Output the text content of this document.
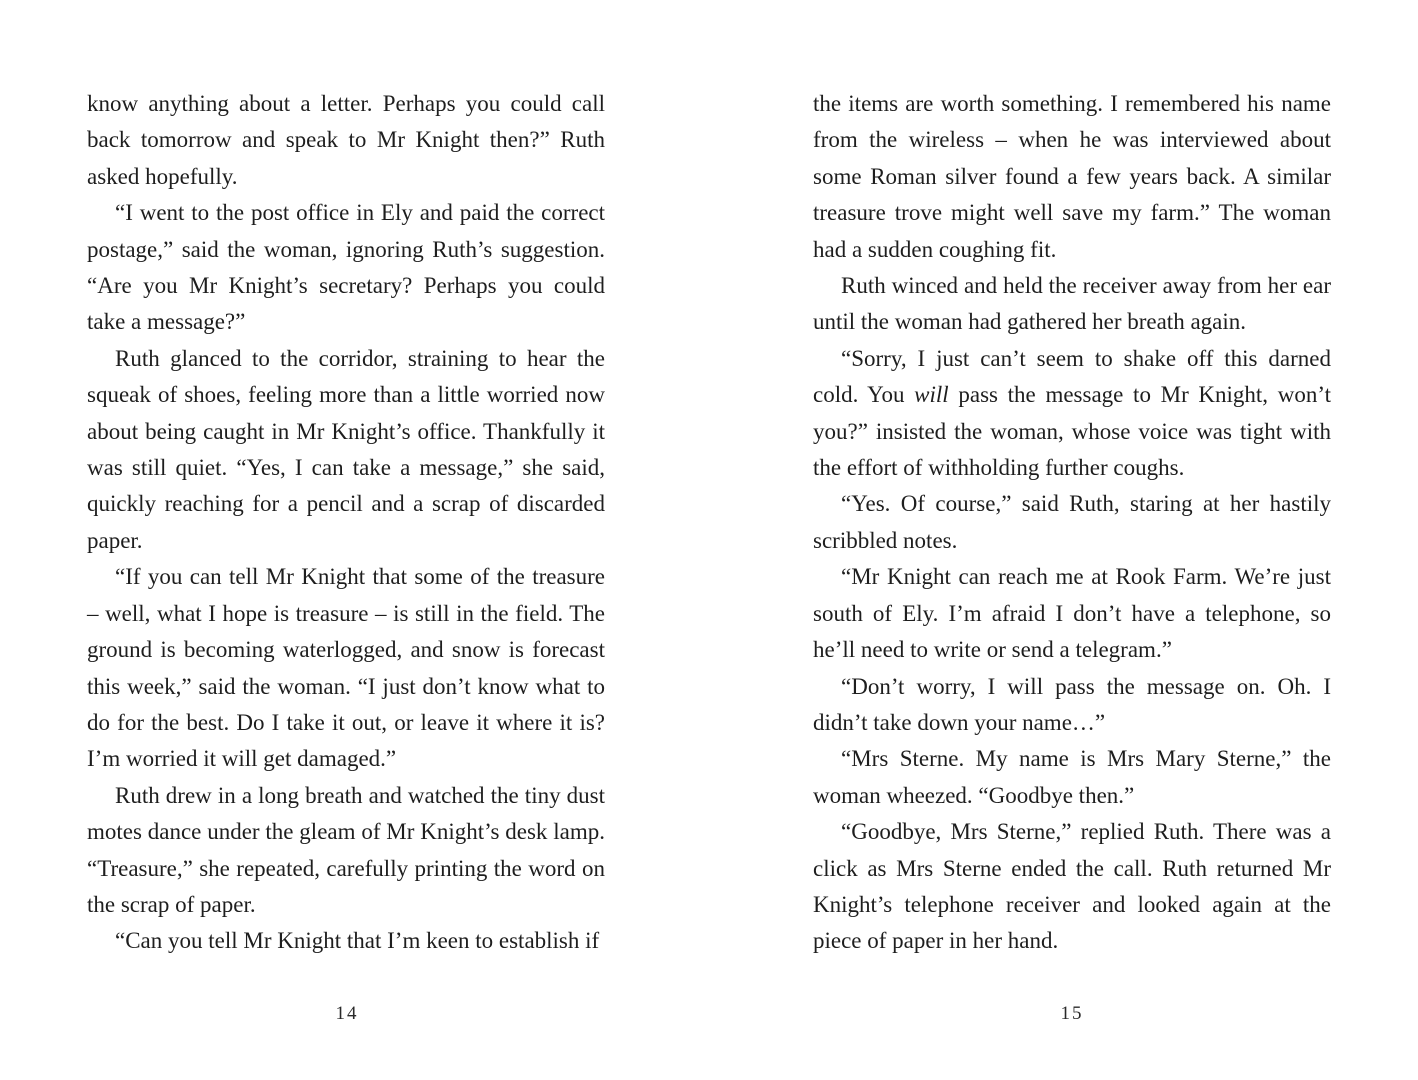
know anything about a letter. Perhaps you could call back tomorrow and speak to Mr Knight then?” Ruth asked hopefully.

“I went to the post office in Ely and paid the correct postage,” said the woman, ignoring Ruth’s suggestion. “Are you Mr Knight’s secretary? Perhaps you could take a message?”

Ruth glanced to the corridor, straining to hear the squeak of shoes, feeling more than a little worried now about being caught in Mr Knight’s office. Thankfully it was still quiet. “Yes, I can take a message,” she said, quickly reaching for a pencil and a scrap of discarded paper.

“If you can tell Mr Knight that some of the treasure – well, what I hope is treasure – is still in the field. The ground is becoming waterlogged, and snow is forecast this week,” said the woman. “I just don’t know what to do for the best. Do I take it out, or leave it where it is? I’m worried it will get damaged.”

Ruth drew in a long breath and watched the tiny dust motes dance under the gleam of Mr Knight’s desk lamp. “Treasure,” she repeated, carefully printing the word on the scrap of paper.

“Can you tell Mr Knight that I’m keen to establish if

14

the items are worth something. I remembered his name from the wireless – when he was interviewed about some Roman silver found a few years back. A similar treasure trove might well save my farm.” The woman had a sudden coughing fit.

Ruth winced and held the receiver away from her ear until the woman had gathered her breath again.

“Sorry, I just can’t seem to shake off this darned cold. You will pass the message to Mr Knight, won’t you?” insisted the woman, whose voice was tight with the effort of withholding further coughs.

“Yes. Of course,” said Ruth, staring at her hastily scribbled notes.

“Mr Knight can reach me at Rook Farm. We’re just south of Ely. I’m afraid I don’t have a telephone, so he’ll need to write or send a telegram.”

“Don’t worry, I will pass the message on. Oh. I didn’t take down your name…”

“Mrs Sterne. My name is Mrs Mary Sterne,” the woman wheezed. “Goodbye then.”

“Goodbye, Mrs Sterne,” replied Ruth. There was a click as Mrs Sterne ended the call. Ruth returned Mr Knight’s telephone receiver and looked again at the piece of paper in her hand.

15
